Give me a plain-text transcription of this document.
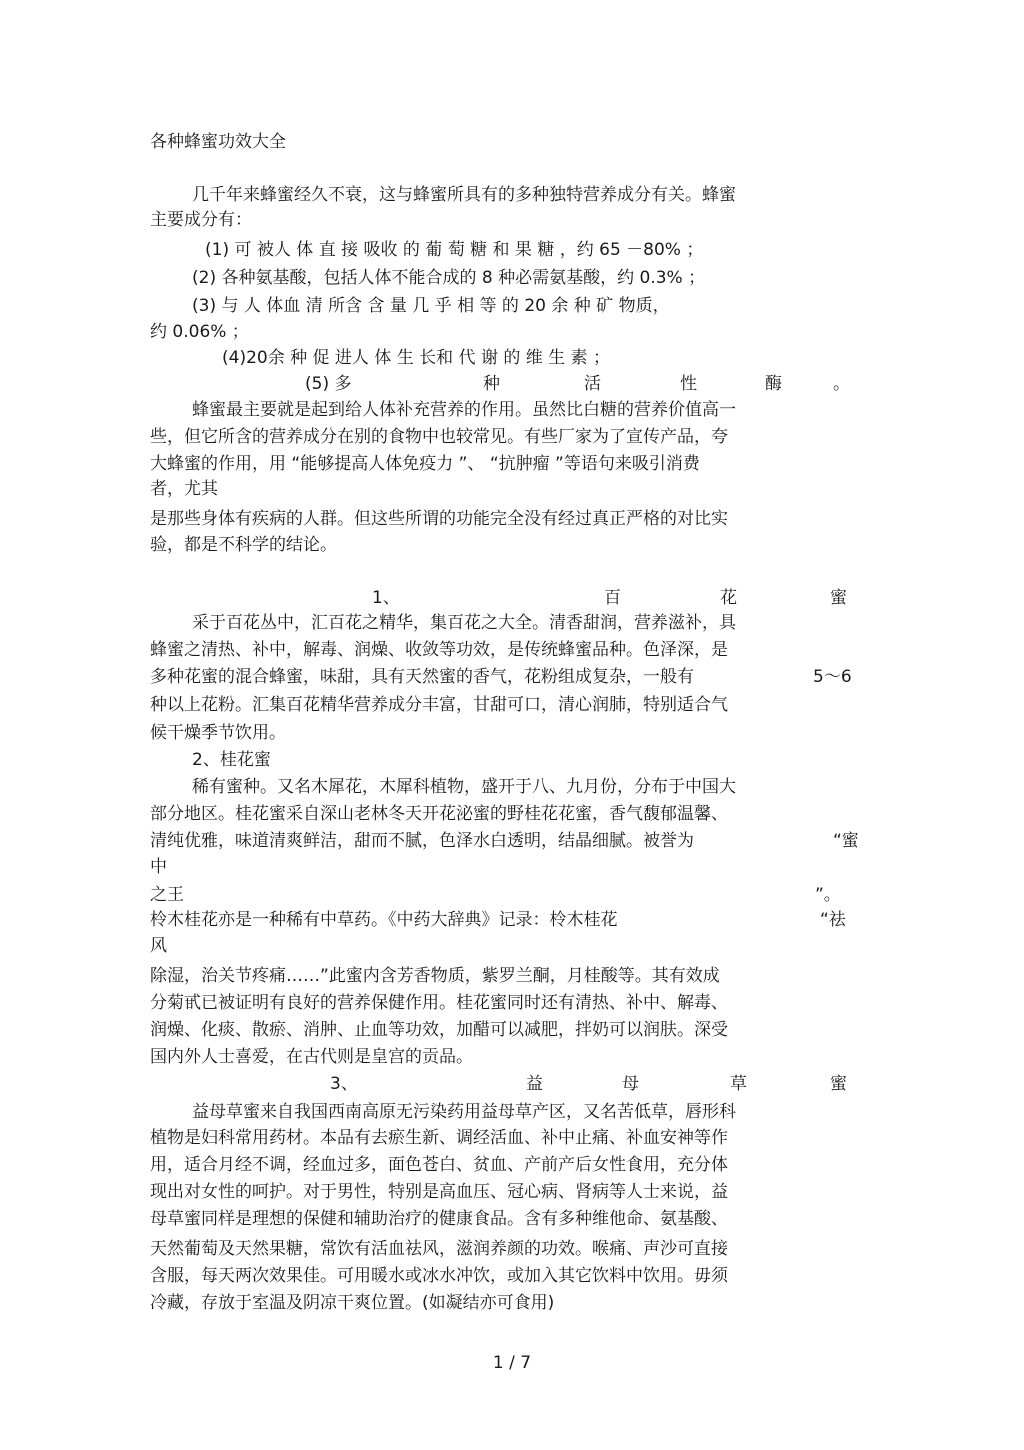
各种蜂蜜功效大全
几千年来蜂蜜经久不衰，这与蜂蜜所具有的多种独特营养成分有关。蜂蜜
主要成分有：
(1) 可 被人 体 直 接 吸收 的 葡 萄 糖 和 果 糖 ，约 65 －80% ；
(2) 各种氨基酸，包括人体不能合成的 8 种必需氨基酸，约 0.3% ；
(3) 与 人 体血 清 所含 含 量 几 乎 相 等 的 20 余 种 矿 物质，
约 0.06% ；
(4)20余 种 促 进人 体 生 长和 代 谢 的 维 生 素 ；
(5) 多	种	活	性	酶	。
蜂蜜最主要就是起到给人体补充营养的作用。虽然比白糖的营养价值高一
些，但它所含的营养成分在别的食物中也较常见。有些厂家为了宣传产品，夸
大蜂蜜的作用，用 “能够提高人体免疫力 ”、 “抗肿瘤 ”等语句来吸引消费
者，尤其
是那些身体有疾病的人群。但这些所谓的功能完全没有经过真正严格的对比实
验，都是不科学的结论。
1、	百	花	蜜
采于百花丛中，汇百花之精华，集百花之大全。清香甜润，营养滋补，具
蜂蜜之清热、补中，解毒、润燥、收敛等功效，是传统蜂蜜品种。色泽深，是
多种花蜜的混合蜂蜜，味甜，具有天然蜜的香气，花粉组成复杂，一般有	5～6
种以上花粉。汇集百花精华营养成分丰富，甘甜可口，清心润肺，特别适合气
候干燥季节饮用。
2、桂花蜜
稀有蜜种。又名木犀花，木犀科植物，盛开于八、九月份，分布于中国大
部分地区。桂花蜜采自深山老林冬天开花泌蜜的野桂花花蜜，香气馥郁温馨、
清纯优雅，味道清爽鲜洁，甜而不腻，色泽水白透明，结晶细腻。被誉为	“蜜
中
之王	”。
柃木桂花亦是一种稀有中草药。《中药大辞典》记录：柃木桂花	“祛
风
除湿，治关节疼痛……”此蜜内含芳香物质，紫罗兰酮，月桂酸等。其有效成
分菊甙已被证明有良好的营养保健作用。桂花蜜同时还有清热、补中、解毒、
润燥、化痰、散瘀、消肿、止血等功效，加醋可以减肥，拌奶可以润肤。深受
国内外人士喜爱，在古代则是皇宫的贡品。
3、	益	母	草	蜜
益母草蜜来自我国西南高原无污染药用益母草产区，又名苦低草，唇形科
植物是妇科常用药材。本品有去瘀生新、调经活血、补中止痛、补血安神等作
用，适合月经不调，经血过多，面色苍白、贫血、产前产后女性食用，充分体
现出对女性的呵护。对于男性，特别是高血压、冠心病、肾病等人士来说，益
母草蜜同样是理想的保健和辅助治疗的健康食品。含有多种维他命、氨基酸、
天然葡萄及天然果糖，常饮有活血祛风，滋润养颜的功效。喉痛、声沙可直接
含服，每天两次效果佳。可用暖水或冰水冲饮，或加入其它饮料中饮用。毋须
冷藏，存放于室温及阴凉干爽位置。(如凝结亦可食用)
1 / 7
